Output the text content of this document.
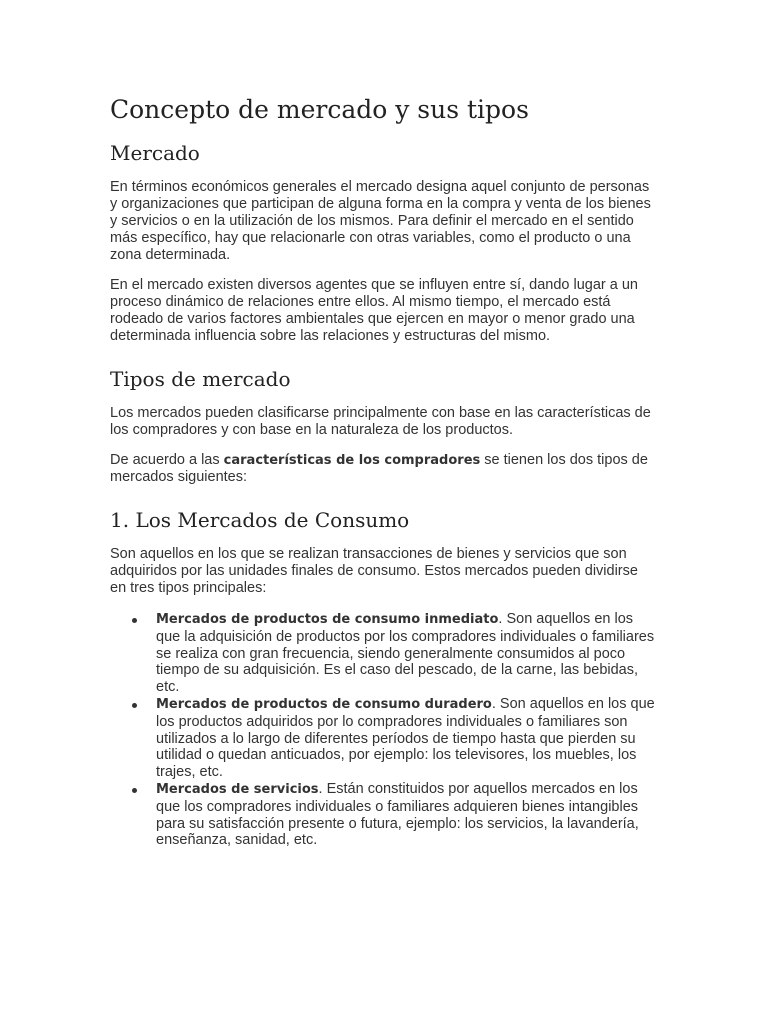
Concepto de mercado y sus tipos
Mercado

En términos económicos generales el mercado designa aquel conjunto de personas y organizaciones que participan de alguna forma en la compra y venta de los bienes y servicios o en la utilización de los mismos. Para definir el mercado en el sentido más específico, hay que relacionarle con otras variables, como el producto o una zona determinada.

En el mercado existen diversos agentes que se influyen entre sí, dando lugar a un proceso dinámico de relaciones entre ellos. Al mismo tiempo, el mercado está rodeado de varios factores ambientales que ejercen en mayor o menor grado una determinada influencia sobre las relaciones y estructuras del mismo.

Tipos de mercado

Los mercados pueden clasificarse principalmente con base en las características de los compradores y con base en la naturaleza de los productos.

De acuerdo a las características de los compradores se tienen los dos tipos de mercados siguientes:

1. Los Mercados de Consumo

Son aquellos en los que se realizan transacciones de bienes y servicios que son adquiridos por las unidades finales de consumo. Estos mercados pueden dividirse en tres tipos principales:

Mercados de productos de consumo inmediato. Son aquellos en los que la adquisición de productos por los compradores individuales o familiares se realiza con gran frecuencia, siendo generalmente consumidos al poco tiempo de su adquisición. Es el caso del pescado, de la carne, las bebidas, etc.
Mercados de productos de consumo duradero. Son aquellos en los que los productos adquiridos por lo compradores individuales o familiares son utilizados a lo largo de diferentes períodos de tiempo hasta que pierden su utilidad o quedan anticuados, por ejemplo: los televisores, los muebles, los trajes, etc.
Mercados de servicios. Están constituidos por aquellos mercados en los que los compradores individuales o familiares adquieren bienes intangibles para su satisfacción presente o futura, ejemplo: los servicios, la lavandería, enseñanza, sanidad, etc.
